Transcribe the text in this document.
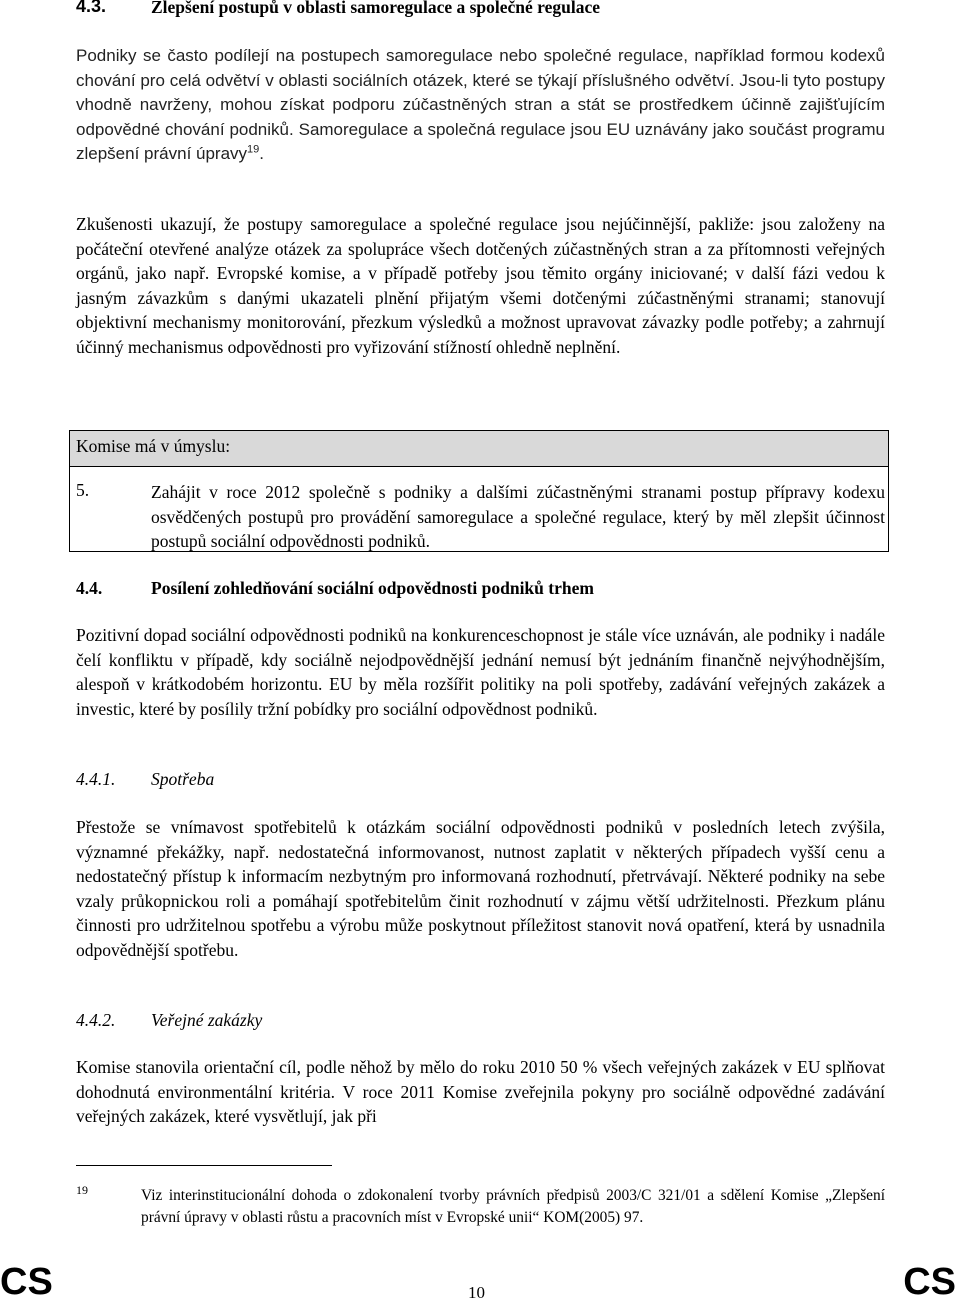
4.3.	Zlepšení postupů v oblasti samoregulace a společné regulace

Podniky se často podílejí na postupech samoregulace nebo společné regulace, například formou kodexů chování pro celá odvětví v oblasti sociálních otázek, které se týkají příslušného odvětví. Jsou-li tyto postupy vhodně navrženy, mohou získat podporu zúčastněných stran a stát se prostředkem účinně zajišťujícím odpovědné chování podniků. Samoregulace a společná regulace jsou EU uznávány jako součást programu zlepšení právní úpravy$^{19}$.

Zkušenosti ukazují, že postupy samoregulace a společné regulace jsou nejúčinnější, pakliže: jsou založeny na počáteční otevřené analýze otázek za spolupráce všech dotčených zúčastněných stran a za přítomnosti veřejných orgánů, jako např. Evropské komise, a v případě potřeby jsou těmito orgány iniciované; v další fázi vedou k jasným závazkům s danými ukazateli plnění přijatým všemi dotčenými zúčastněnými stranami; stanovují objektivní mechanismy monitorování, přezkum výsledků a možnost upravovat závazky podle potřeby; a zahrnují účinný mechanismus odpovědnosti pro vyřizování stížností ohledně neplnění.

Komise má v úmyslu:
5.	Zahájit v roce 2012 společně s podniky a dalšími zúčastněnými stranami postup přípravy kodexu osvědčených postupů pro provádění samoregulace a společné regulace, který by měl zlepšit účinnost postupů sociální odpovědnosti podniků.

4.4.	Posílení zohledňování sociální odpovědnosti podniků trhem

Pozitivní dopad sociální odpovědnosti podniků na konkurenceschopnost je stále více uznáván, ale podniky i nadále čelí konfliktu v případě, kdy sociálně nejodpovědnější jednání nemusí být jednáním finančně nejvýhodnějším, alespoň v krátkodobém horizontu. EU by měla rozšířit politiky na poli spotřeby, zadávání veřejných zakázek a investic, které by posílily tržní pobídky pro sociální odpovědnost podniků.

4.4.1. Spotřeba

Přestože se vnímavost spotřebitelů k otázkám sociální odpovědnosti podniků v posledních letech zvýšila, významné překážky, např. nedostatečná informovanost, nutnost zaplatit v některých případech vyšší cenu a nedostatečný přístup k informacím nezbytným pro informovaná rozhodnutí, přetrvávají. Některé podniky na sebe vzaly průkopnickou roli a pomáhají spotřebitelům činit rozhodnutí v zájmu větší udržitelnosti. Přezkum plánu činnosti pro udržitelnou spotřebu a výrobu může poskytnout příležitost stanovit nová opatření, která by usnadnila odpovědnější spotřebu.

4.4.2. Veřejné zakázky

Komise stanovila orientační cíl, podle něhož by mělo do roku 2010 50 % všech veřejných zakázek v EU splňovat dohodnutá environmentální kritéria. V roce 2011 Komise zveřejnila pokyny pro sociálně odpovědné zadávání veřejných zakázek, které vysvětlují, jak při

19	Viz interinstitucionální dohoda o zdokonalení tvorby právních předpisů 2003/C 321/01 a sdělení Komise „Zlepšení právní úpravy v oblasti růstu a pracovních míst v Evropské unii“ KOM(2005) 97.

CS	10	CS
